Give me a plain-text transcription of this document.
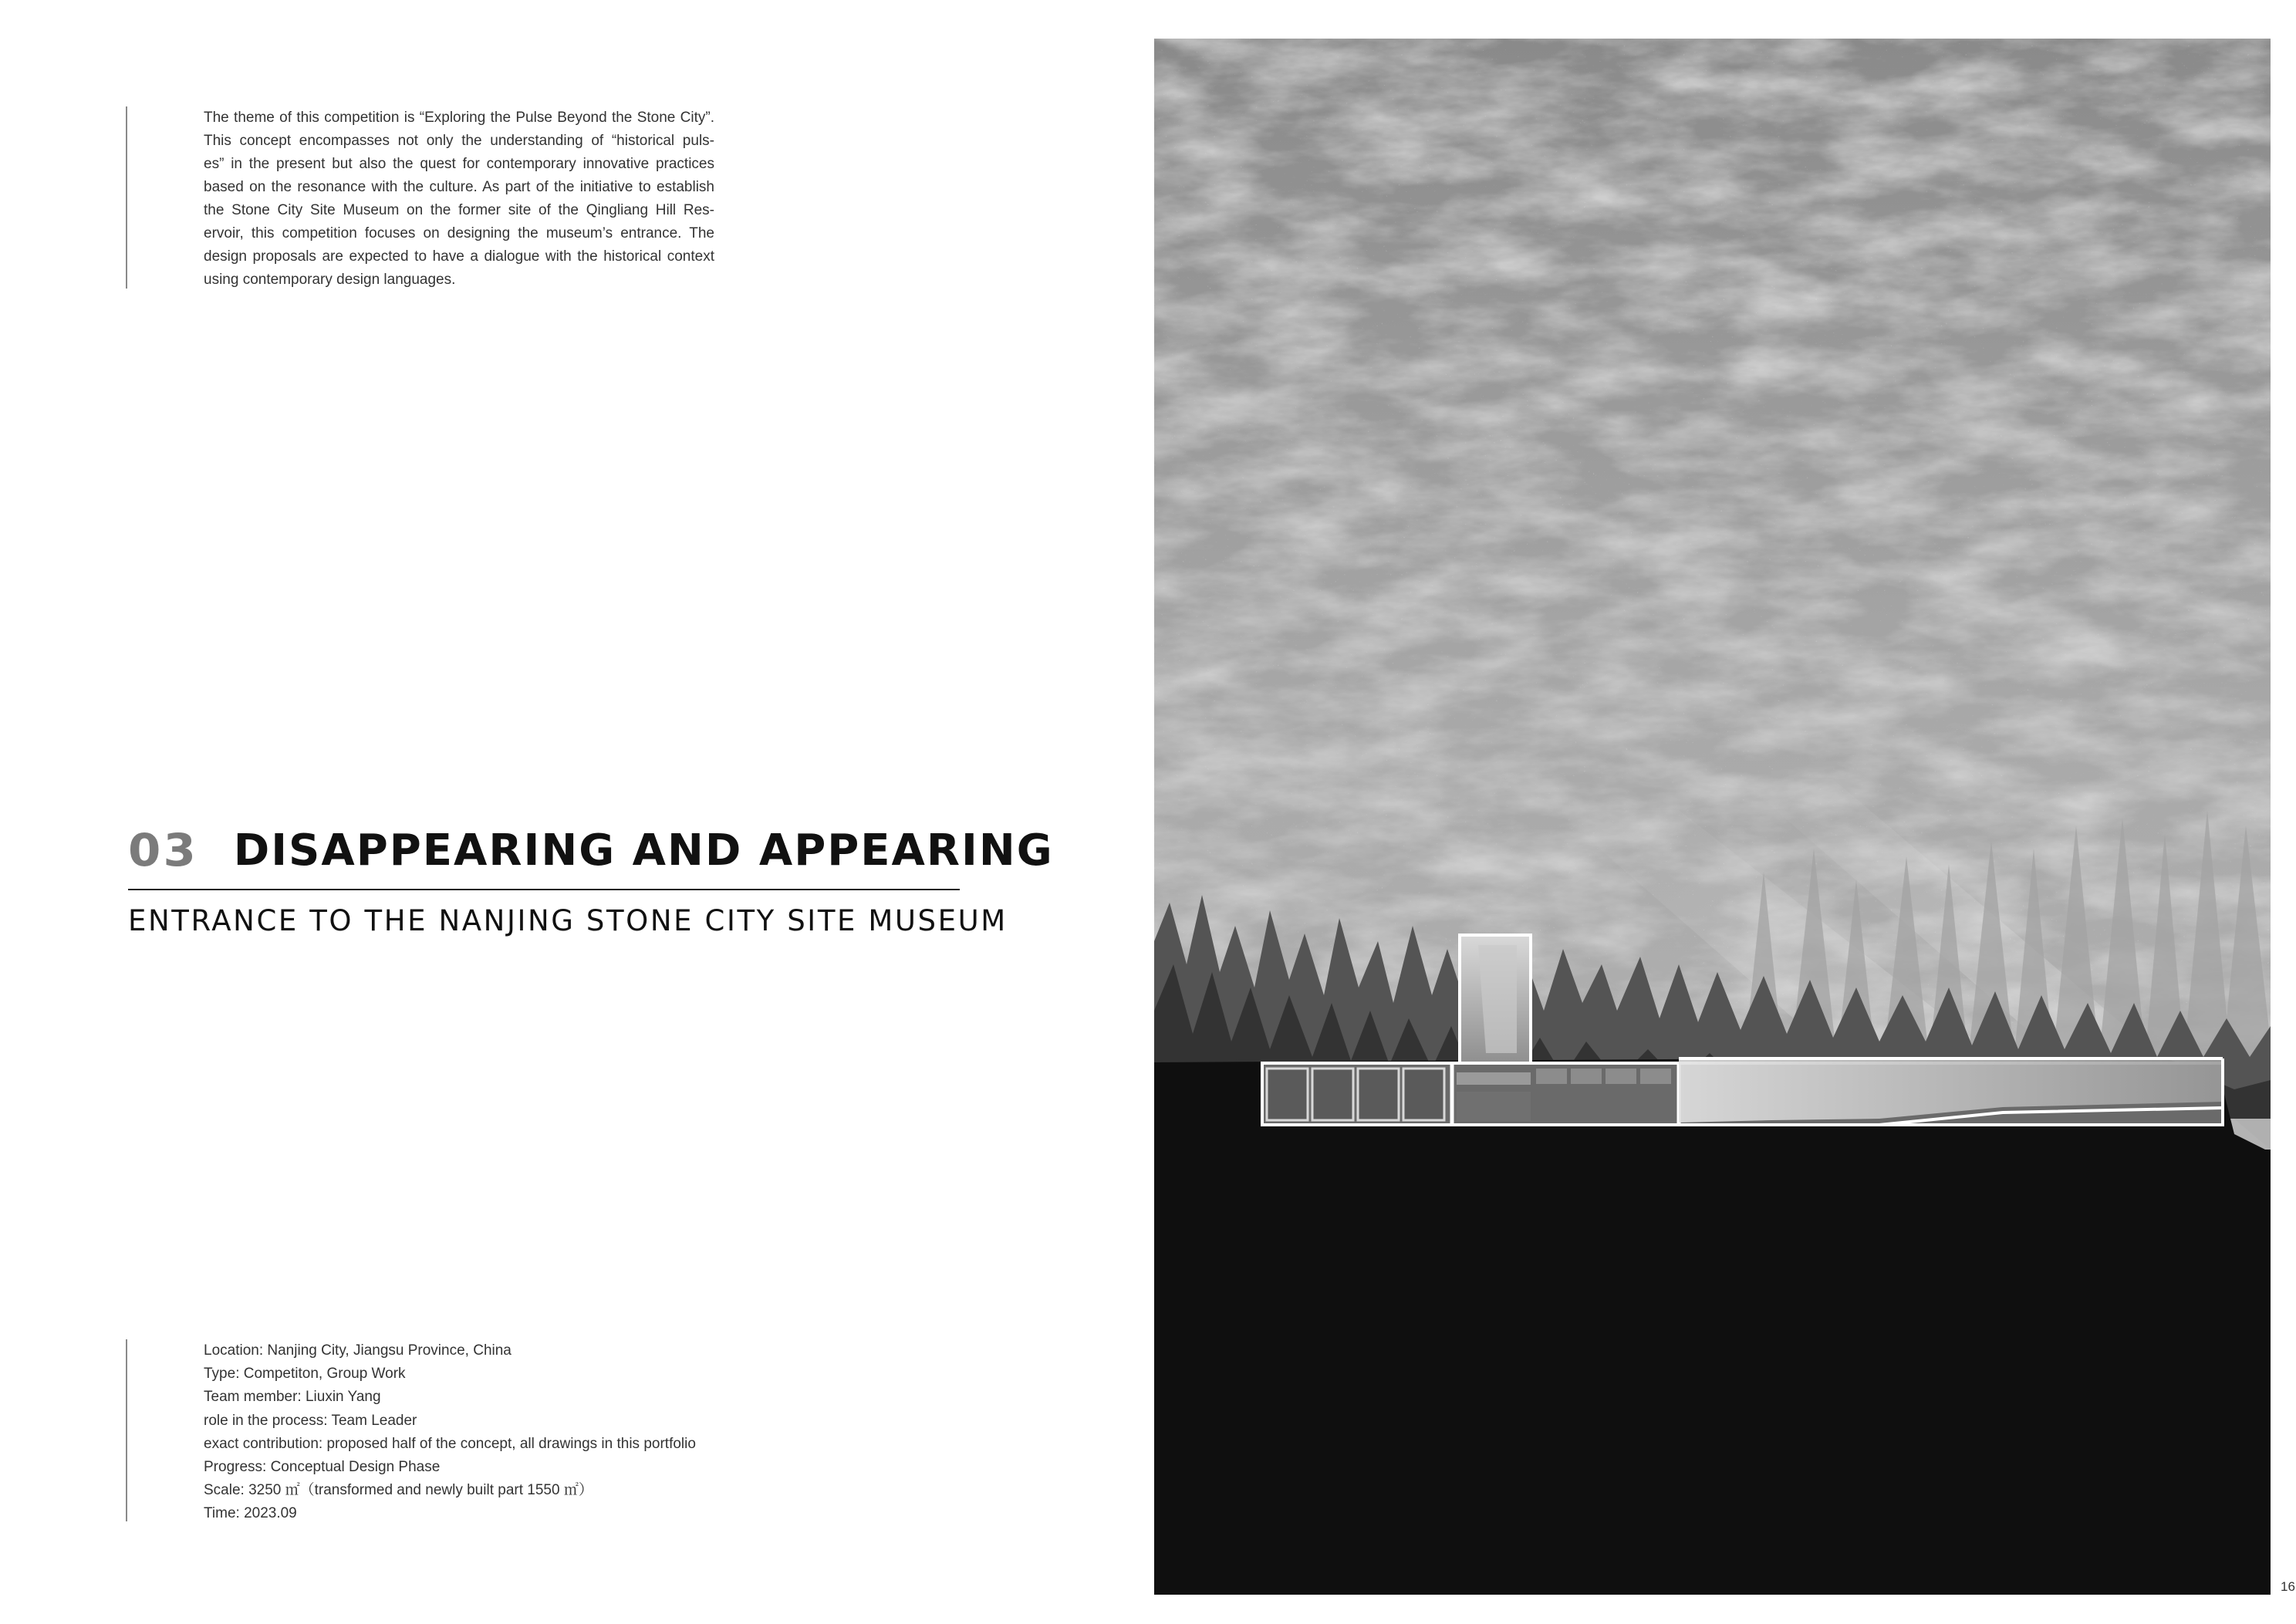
The theme of this competition is “Exploring the Pulse Beyond the Stone City”.
This concept encompasses not only the understanding of “historical puls-
es” in the present but also the quest for contemporary innovative practices
based on the resonance with the culture. As part of the initiative to establish
the Stone City Site Museum on the former site of the Qingliang Hill Res-
ervoir, this competition focuses on designing the museum’s entrance. The
design proposals are expected to have a dialogue with the historical context
using contemporary design languages.
03 DISAPPEARING AND APPEARING
ENTRANCE TO THE NANJING STONE CITY SITE MUSEUM
Location: Nanjing City, Jiangsu Province, China
Type: Competiton, Group Work
Team member: Liuxin Yang
role in the process: Team Leader
exact contribution: proposed half of the concept, all drawings in this portfolio
Progress: Conceptual Design Phase
Scale: 3250 ㎡（transformed and newly built part 1550 ㎡）
Time: 2023.09
16
